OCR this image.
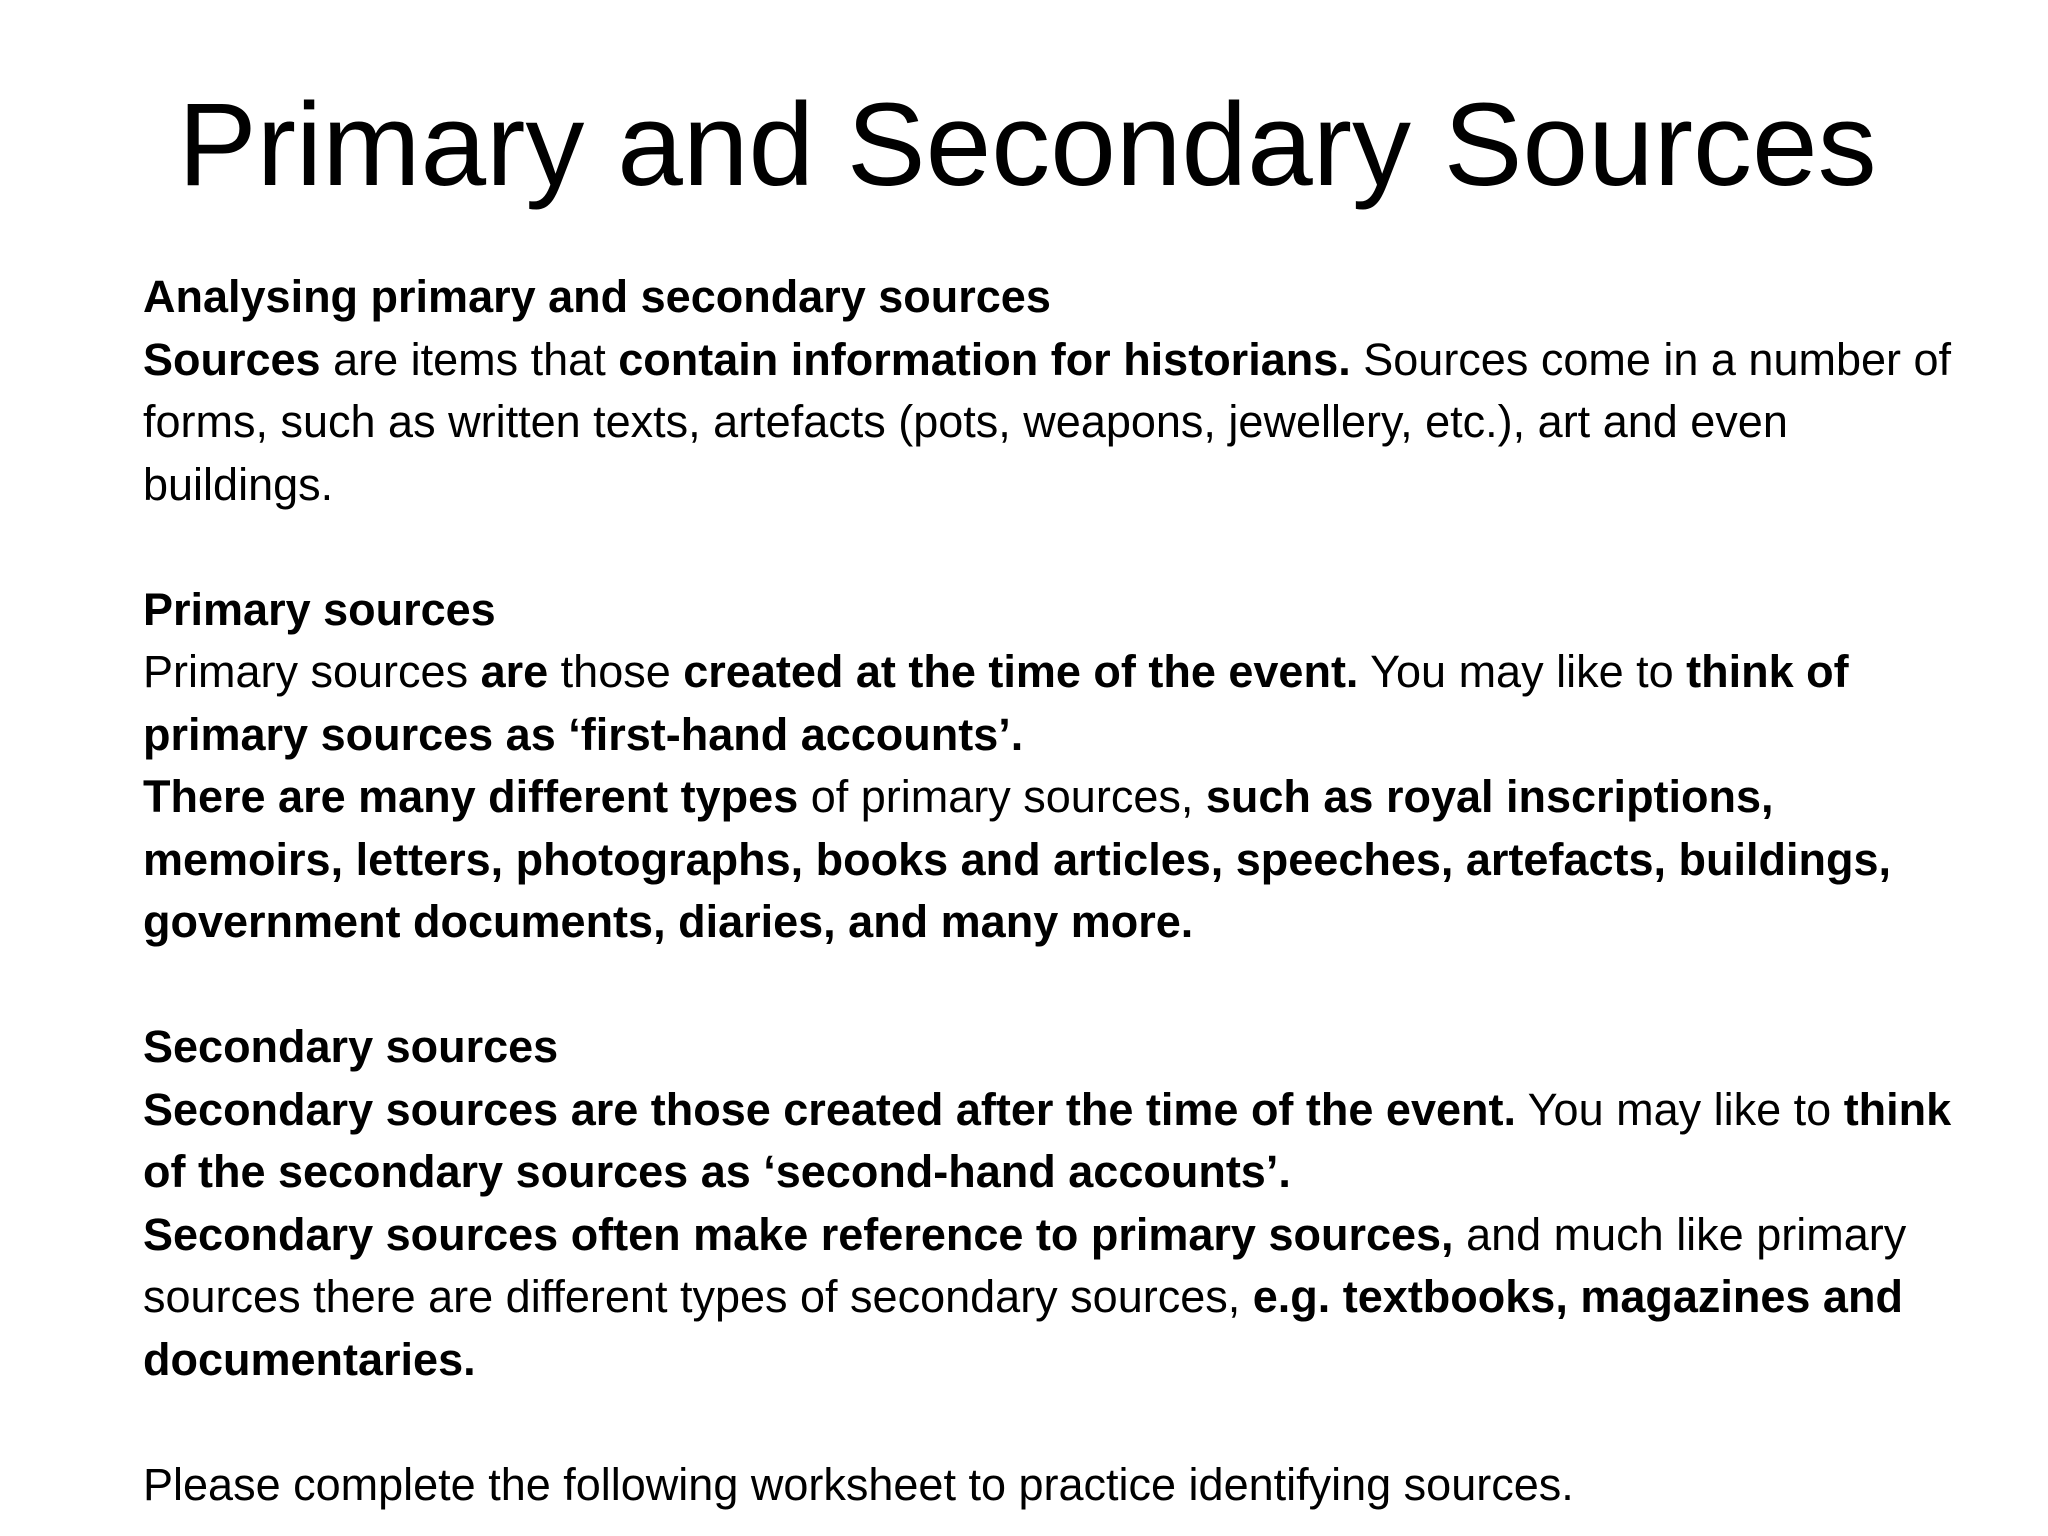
Primary and Secondary Sources

Analysing primary and secondary sources

Sources are items that contain information for historians. Sources come in a number of forms, such as written texts, artefacts (pots, weapons, jewellery, etc.), art and even buildings.

Primary sources

Primary sources are those created at the time of the event. You may like to think of primary sources as ‘first-hand accounts’.

There are many different types of primary sources, such as royal inscriptions, memoirs, letters, photographs, books and articles, speeches, artefacts, buildings, government documents, diaries, and many more.

Secondary sources

Secondary sources are those created after the time of the event. You may like to think of the secondary sources as ‘second-hand accounts’.

Secondary sources often make reference to primary sources, and much like primary sources there are different types of secondary sources, e.g. textbooks, magazines and documentaries.

Please complete the following worksheet to practice identifying sources.
